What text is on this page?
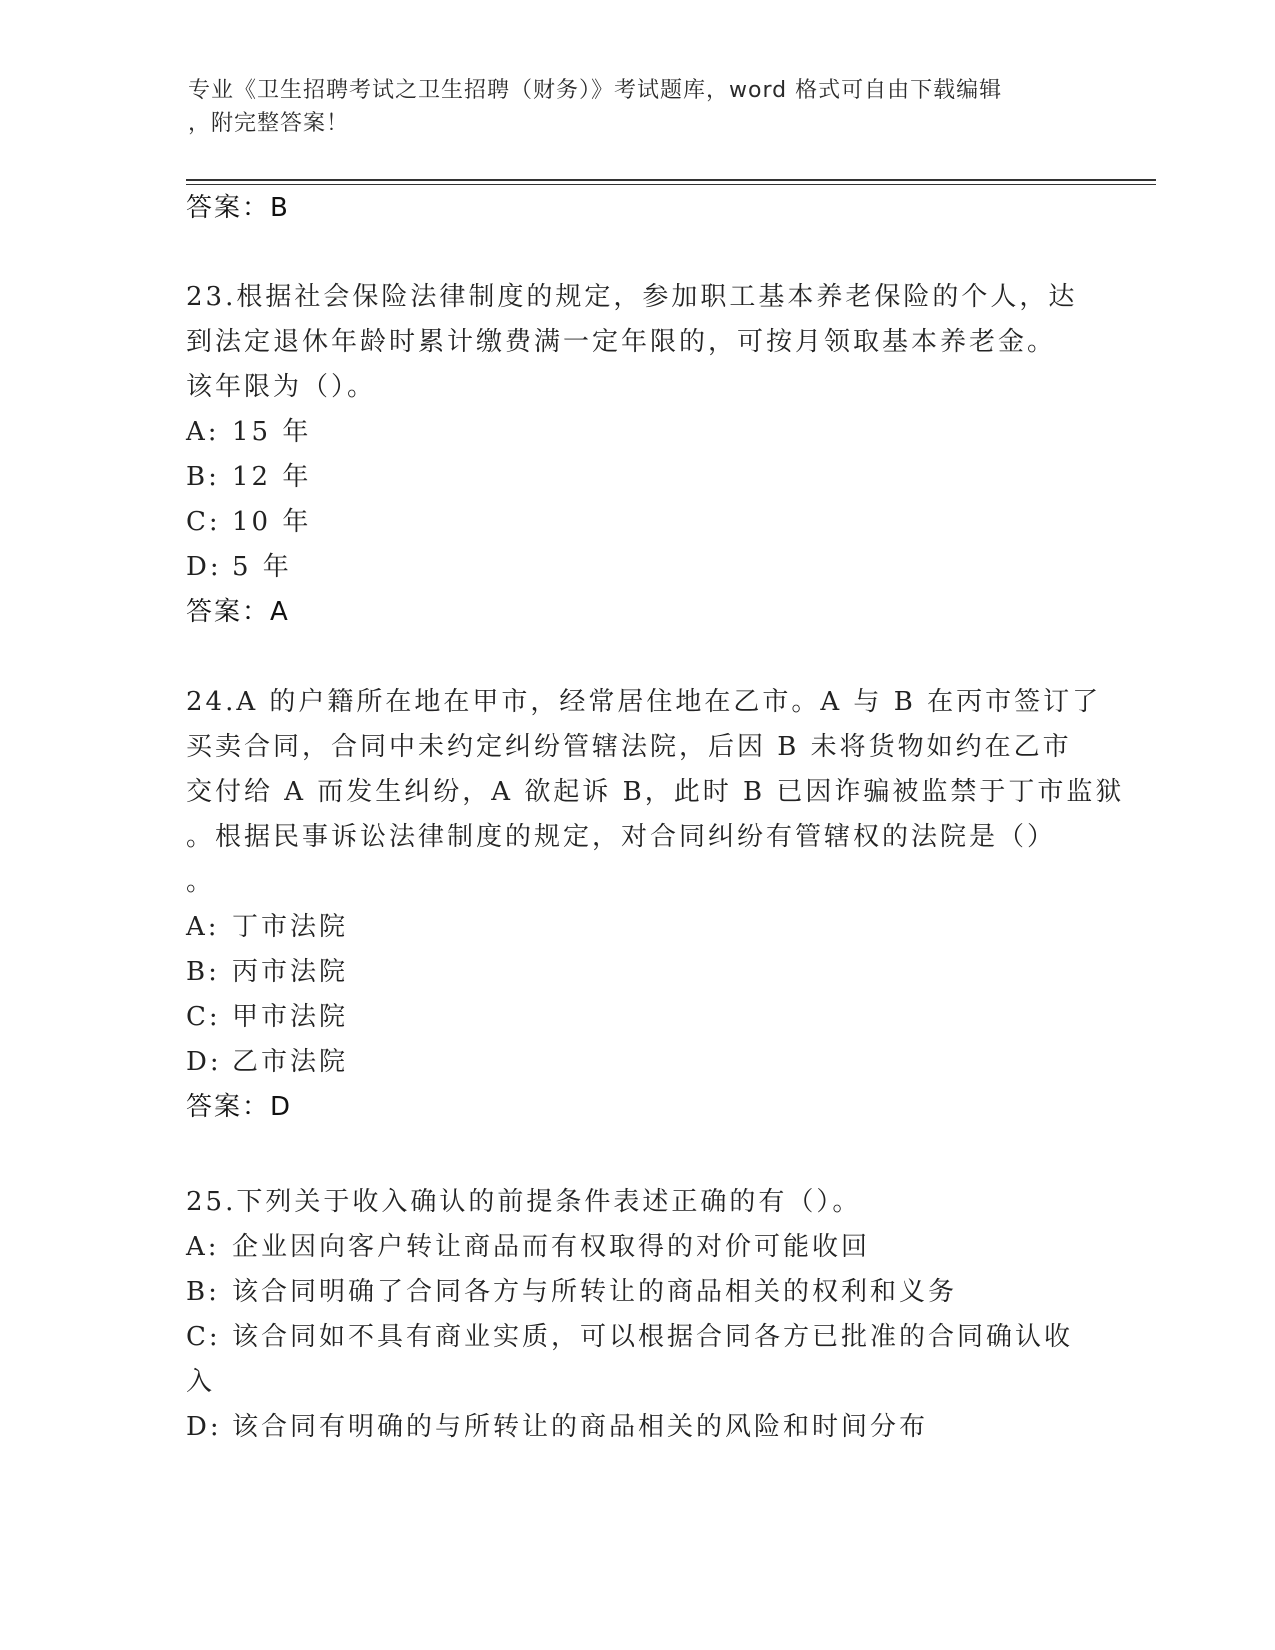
专业《卫生招聘考试之卫生招聘（财务）》考试题库，word 格式可自由下载编辑
，附完整答案！
答案：B
23.根据社会保险法律制度的规定，参加职工基本养老保险的个人，达
到法定退休年龄时累计缴费满一定年限的，可按月领取基本养老金。
该年限为（）。
A: 15 年
B: 12 年
C: 10 年
D: 5 年
答案：A
24.A 的户籍所在地在甲市，经常居住地在乙市。A 与 B 在丙市签订了
买卖合同，合同中未约定纠纷管辖法院，后因 B 未将货物如约在乙市
交付给 A 而发生纠纷，A 欲起诉 B，此时 B 已因诈骗被监禁于丁市监狱
。根据民事诉讼法律制度的规定，对合同纠纷有管辖权的法院是（）
。
A: 丁市法院
B: 丙市法院
C: 甲市法院
D: 乙市法院
答案：D
25.下列关于收入确认的前提条件表述正确的有（）。
A: 企业因向客户转让商品而有权取得的对价可能收回
B: 该合同明确了合同各方与所转让的商品相关的权利和义务
C: 该合同如不具有商业实质，可以根据合同各方已批准的合同确认收
入
D: 该合同有明确的与所转让的商品相关的风险和时间分布
